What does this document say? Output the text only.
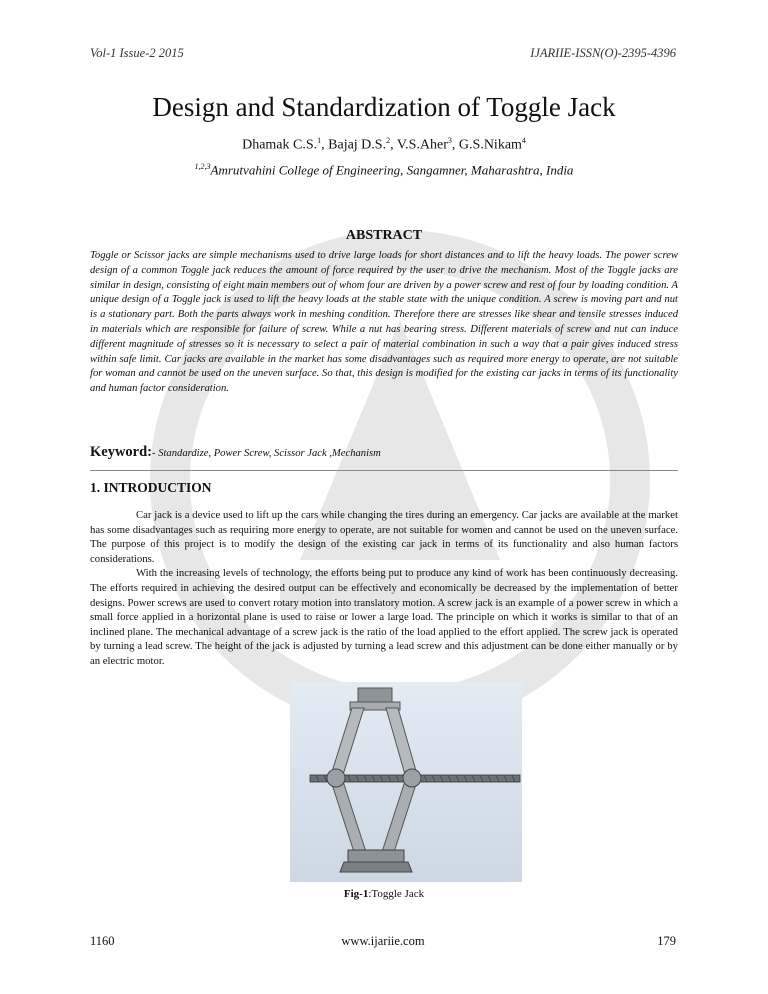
Vol-1 Issue-2 2015	IJARIIE-ISSN(O)-2395-4396
Design and Standardization of Toggle Jack
Dhamak C.S.$^1$, Bajaj D.S.$^2$, V.S.Aher$^3$, G.S.Nikam$^4$
$^{1,2,3}$Amrutvahini College of Engineering, Sangamner, Maharashtra, India
ABSTRACT

Toggle or Scissor jacks are simple mechanisms used to drive large loads for short distances and to lift the heavy loads. The power screw design of a common Toggle jack reduces the amount of force required by the user to drive the mechanism. Most of the Toggle jacks are similar in design, consisting of eight main members out of whom four are driven by a power screw and rest of four by loading condition. A unique design of a Toggle jack is used to lift the heavy loads at the stable state with the unique condition. A screw is moving part and nut is a stationary part. Both the parts always work in meshing condition. Therefore there are stresses like shear and tensile stresses induced in materials which are responsible for failure of screw. While a nut has bearing stress. Different materials of screw and nut can induce different magnitude of stresses so it is necessary to select a pair of material combination in such a way that a pair gives induced stress within safe limit. Car jacks are available in the market has some disadvantages such as required more energy to operate, are not suitable for woman and cannot be used on the uneven surface. So that, this design is modified for the existing car jacks in terms of its functionality and human factor consideration.

Keyword:- Standardize, Power Screw, Scissor Jack ,Mechanism
1. INTRODUCTION

Car jack is a device used to lift up the cars while changing the tires during an emergency. Car jacks are available at the market has some disadvantages such as requiring more energy to operate, are not suitable for women and cannot be used on the uneven surface. The purpose of this project is to modify the design of the existing car jack in terms of its functionality and also human factors considerations.

With the increasing levels of technology, the efforts being put to produce any kind of work has been continuously decreasing. The efforts required in achieving the desired output can be effectively and economically be decreased by the implementation of better designs. Power screws are used to convert rotary motion into translatory motion. A screw jack is an example of a power screw in which a small force applied in a horizontal plane is used to raise or lower a large load. The principle on which it works is similar to that of an inclined plane. The mechanical advantage of a screw jack is the ratio of the load applied to the effort applied. The screw jack is operated by turning a lead screw. The height of the jack is adjusted by turning a lead screw and this adjustment can be done either manually or by an electric motor.

Fig-1:Toggle Jack
1160	www.ijariie.com	179
